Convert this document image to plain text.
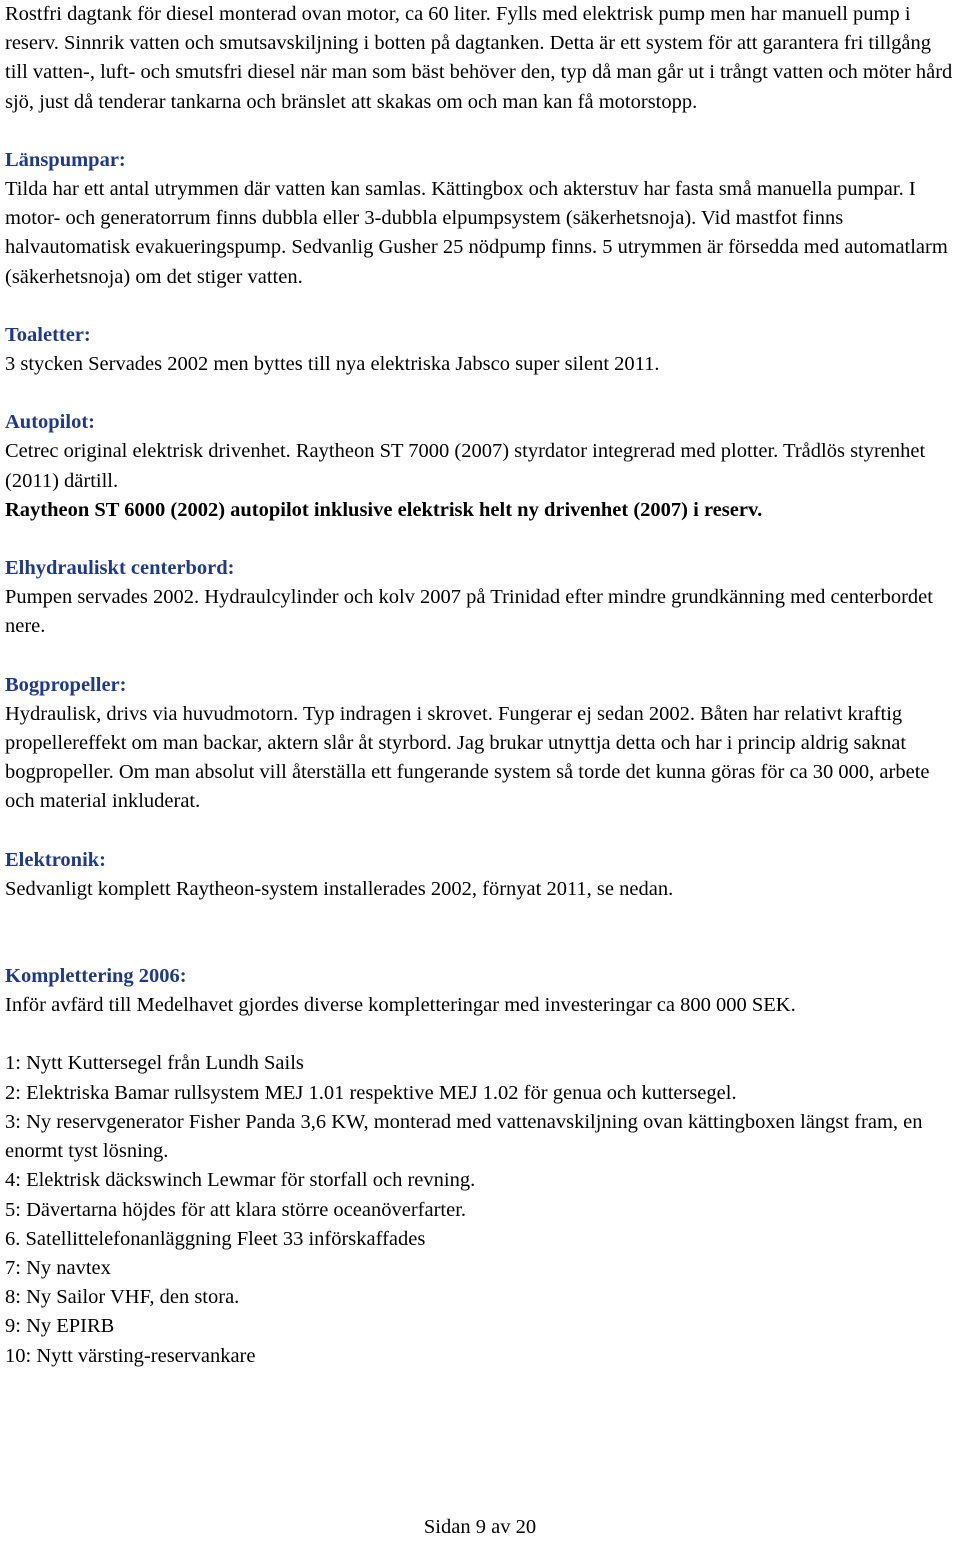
Rostfri dagtank för diesel monterad ovan motor, ca 60 liter. Fylls med elektrisk pump men har manuell pump i reserv. Sinnrik vatten och smutsavskiljning i botten på dagtanken. Detta är ett system för att garantera fri tillgång till vatten-, luft- och smutsfri diesel när man som bäst behöver den, typ då man går ut i trångt vatten och möter hård sjö, just då tenderar tankarna och bränslet att skakas om och man kan få motorstopp.

Länspumpar:

Tilda har ett antal utrymmen där vatten kan samlas. Kättingbox och akterstuv har fasta små manuella pumpar. I motor- och generatorrum finns dubbla eller 3-dubbla elpumpsystem (säkerhetsnoja). Vid mastfot finns halvautomatisk evakueringspump. Sedvanlig Gusher 25 nödpump finns. 5 utrymmen är försedda med automatlarm (säkerhetsnoja) om det stiger vatten.

Toaletter:

3 stycken Servades 2002 men byttes till nya elektriska Jabsco super silent 2011.

Autopilot:

Cetrec original elektrisk drivenhet. Raytheon ST 7000 (2007) styrdator integrerad med plotter. Trådlös styrenhet (2011) därtill.

Raytheon ST 6000 (2002) autopilot inklusive elektrisk helt ny drivenhet (2007) i reserv.

Elhydrauliskt centerbord:

Pumpen servades 2002. Hydraulcylinder och kolv 2007 på Trinidad efter mindre grundkänning med centerbordet nere.

Bogpropeller:

Hydraulisk, drivs via huvudmotorn. Typ indragen i skrovet. Fungerar ej sedan 2002. Båten har relativt kraftig propellereffekt om man backar, aktern slår åt styrbord. Jag brukar utnyttja detta och har i princip aldrig saknat bogpropeller. Om man absolut vill återställa ett fungerande system så torde det kunna göras för ca 30 000, arbete och material inkluderat.

Elektronik:

Sedvanligt komplett Raytheon-system installerades 2002, förnyat 2011, se nedan.

Komplettering 2006:

Inför avfärd till Medelhavet gjordes diverse kompletteringar med investeringar ca 800 000 SEK.

1: Nytt Kuttersegel från Lundh Sails
2: Elektriska Bamar rullsystem MEJ 1.01 respektive MEJ 1.02 för genua och kuttersegel.
3: Ny reservgenerator Fisher Panda 3,6 KW, monterad med vattenavskiljning ovan kättingboxen längst fram, en enormt tyst lösning.
4: Elektrisk däckswinch Lewmar för storfall och revning.
5: Dävertarna höjdes för att klara större oceanöverfarter.
6. Satellittelefonanläggning Fleet 33 införskaffades
7: Ny navtex
8: Ny Sailor VHF, den stora.
9: Ny EPIRB
10: Nytt värsting-reservankare
Sidan 9 av 20
